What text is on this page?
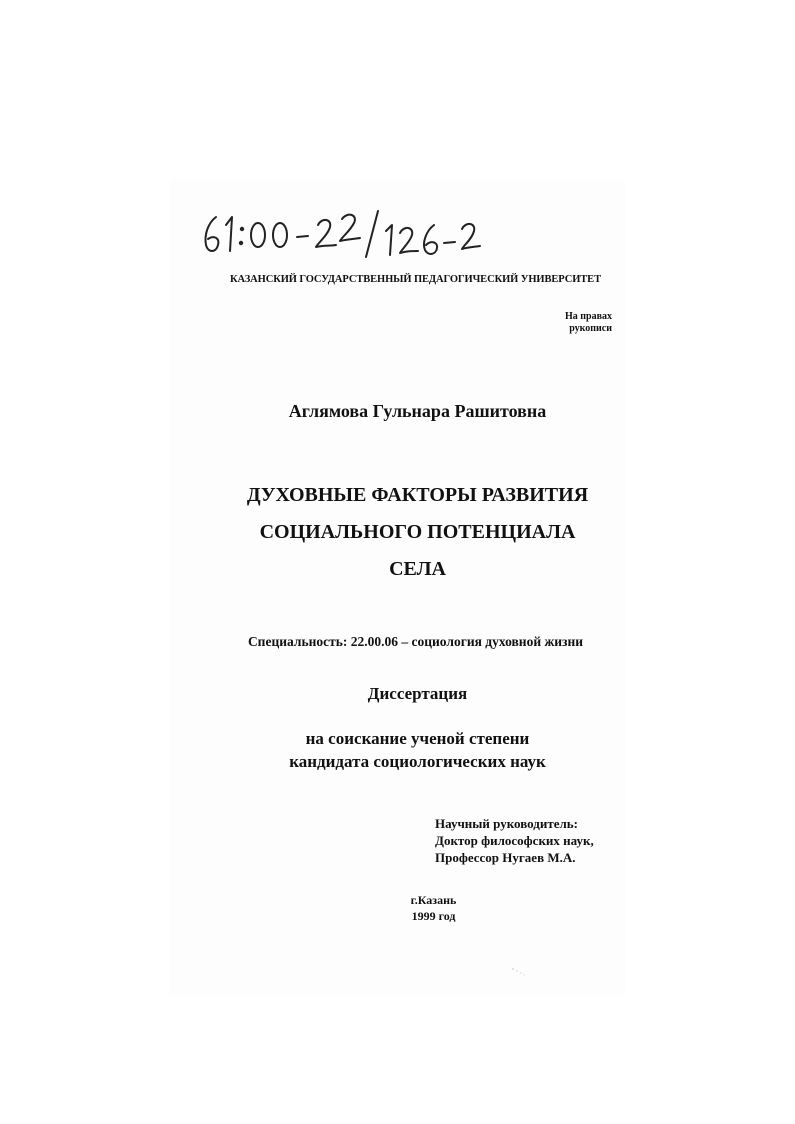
КАЗАНСКИЙ ГОСУДАРСТВЕННЫЙ ПЕДАГОГИЧЕСКИЙ УНИВЕРСИТЕТ
На правах
рукописи
Аглямова Гульнара Рашитовна
ДУХОВНЫЕ ФАКТОРЫ РАЗВИТИЯ
СОЦИАЛЬНОГО ПОТЕНЦИАЛА
СЕЛА
Специальность: 22.00.06 – социология духовной жизни
Диссертация
на соискание ученой степени
кандидата социологических наук
Научный руководитель:
Доктор философских наук,
Профессор Нугаев М.А.
г.Казань
1999 год
